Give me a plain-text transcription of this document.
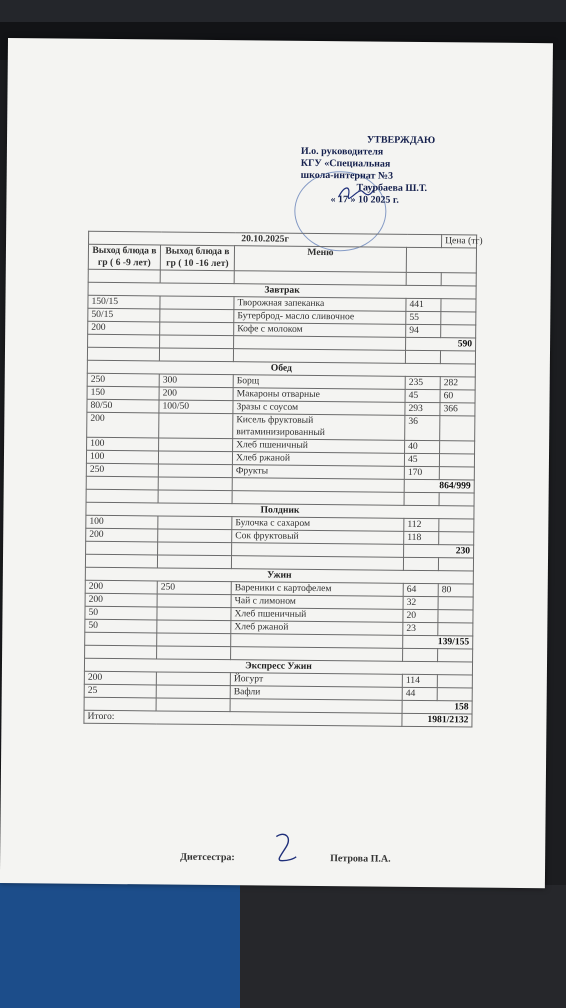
УТВЕРЖДАЮ
И.о. руководителя
КГУ «Специальная
школа-интернат №3
Таурбаева Ш.Т.
« 17 » 10 2025 г.
20.10.2025г				Цена (тг)
Выход блюда в гр ( 6 -9 лет)	Выход блюда в гр ( 10 -16 лет)	Меню		

Завтрак				
150/15		Творожная запеканка	441	
50/15		Бутерброд- масло сливочное	55	
200		Кофе с молоком	94	
			590	

Обед				
250	300	Борщ	235	282
150	200	Макароны отварные	45	60
80/50	100/50	Зразы с соусом	293	366
200		Кисель фруктовый витаминизированный	36	
100		Хлеб пшеничный	40	
100		Хлеб ржаной	45	
250		Фрукты	170	
			864/999	

Полдник				
100		Булочка с сахаром	112	
200		Сок фруктовый	118	
			230	

Ужин				
200	250	Вареники с картофелем	64	80
200		Чай с лимоном	32	
50		Хлеб пшеничный	20	
50		Хлеб ржаной	23	
			139/155	

Экспресс Ужин				
200		Йогурт	114	
25		Вафли	44	
			158	
Итого:			1981/2132	
Диетсестра:	Петрова П.А.
